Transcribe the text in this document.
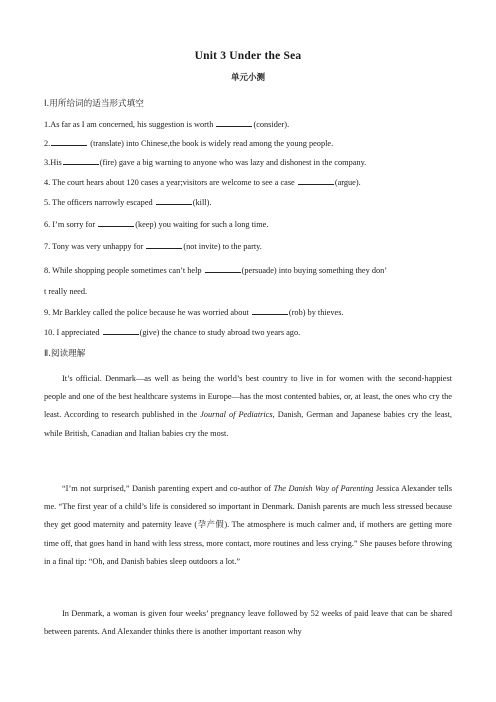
Unit 3 Under the Sea
单元小测
Ⅰ.用所给词的适当形式填空
1.As far as I am concerned, his suggestion is worth	(consider).
2.	(translate) into Chinese,the book is widely read among the young people.
3.His	(fire) gave a big warning to anyone who was lazy and dishonest in the company.
4. The court hears about 120 cases a year;visitors are welcome to see a case	(argue).
5. The officers narrowly escaped	(kill).
6. I’m sorry for	(keep) you waiting for such a long time.
7. Tony was very unhappy for	(not invite) to the party.
8. While shopping people sometimes can’t help	(persuade) into buying something they don’
t really need.
9. Mr Barkley called the police because he was worried about	(rob) by thieves.
10. I appreciated	(give) the chance to study abroad two years ago.
Ⅱ.阅读理解
It’s official. Denmark—as well as being the world’s best country to live in for women with the second-happiest people and one of the best healthcare systems in Europe—has the most contented babies, or, at least, the ones who cry the least. According to research published in the Journal of Pediatrics, Danish, German and Japanese babies cry the least, while British, Canadian and Italian babies cry the most.
“I’m not surprised,” Danish parenting expert and co-author of The Danish Way of Parenting Jessica Alexander tells me. “The first year of a child’s life is considered so important in Denmark. Danish parents are much less stressed because they get good maternity and paternity leave (孕产假). The atmosphere is much calmer and, if mothers are getting more time off, that goes hand in hand with less stress, more contact, more routines and less crying.” She pauses before throwing in a final tip: “Oh, and Danish babies sleep outdoors a lot.”
In Denmark, a woman is given four weeks’ pregnancy leave followed by 52 weeks of paid leave that can be shared between parents. And Alexander thinks there is another important reason why
